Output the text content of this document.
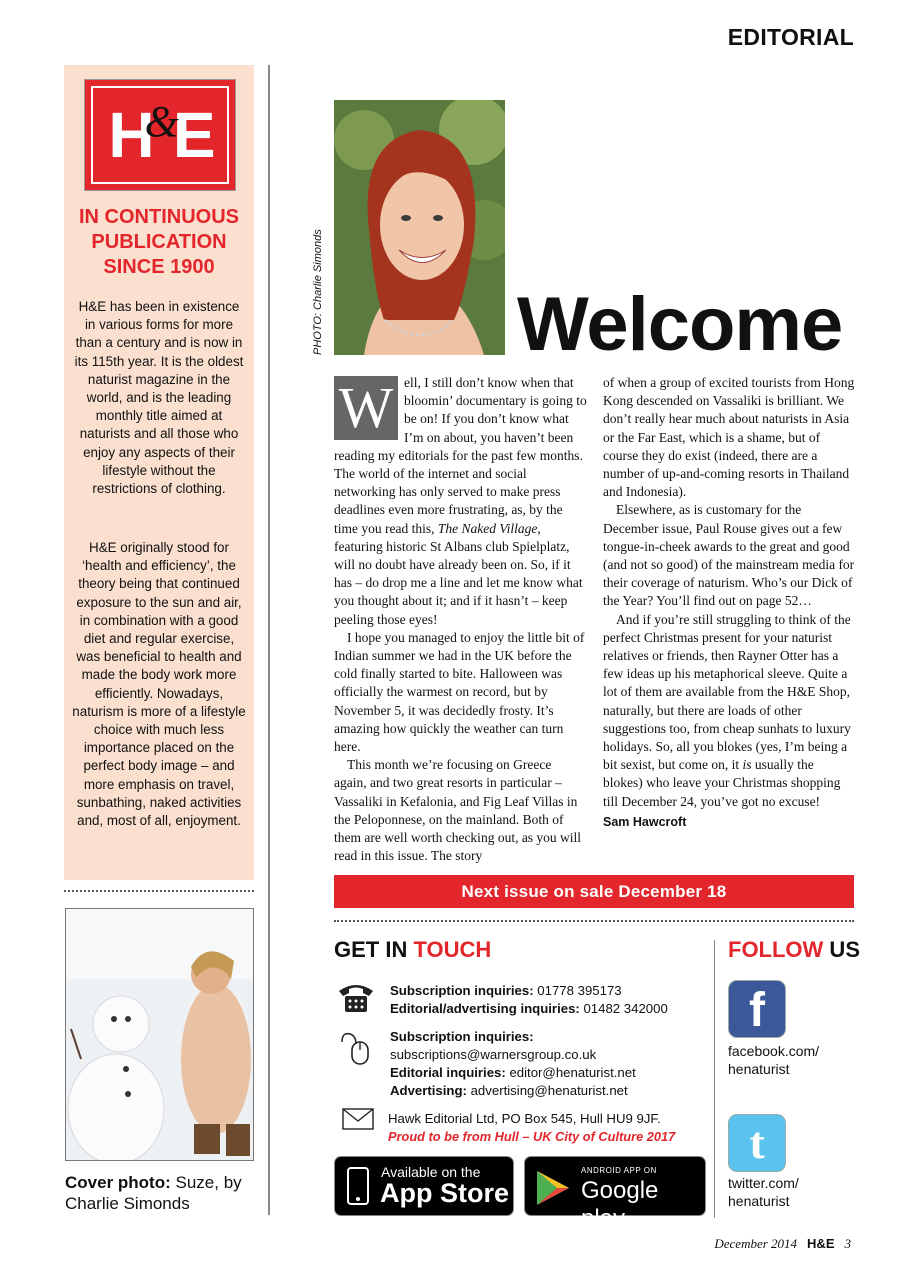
EDITORIAL
H
&
E
IN CONTINUOUS
PUBLICATION
SINCE 1900
H&E has been in existence in various forms for more than a century and is now in its 115th year. It is the oldest naturist magazine in the world, and is the leading monthly title aimed at naturists and all those who enjoy any aspects of their lifestyle without the restrictions of clothing.
H&E originally stood for ‘health and efficiency’, the theory being that continued exposure to the sun and air, in combination with a good diet and regular exercise, was beneficial to health and made the body work more efficiently. Nowadays, naturism is more of a lifestyle choice with much less importance placed on the perfect body image – and more emphasis on travel, sunbathing, naked activities and, most of all, enjoyment.
Cover photo: Suze, by Charlie Simonds
PHOTO: Charlie Simonds	Welcome

W ell, I still don’t know when that bloomin’ documentary is going to be on! If you don’t know what I’m on about, you haven’t been reading my editorials for the past few months. The world of the internet and social networking has only served to make press deadlines even more frustrating, as, by the time you read this, The Naked Village, featuring historic St Albans club Spielplatz, will no doubt have already been on. So, if it has – do drop me a line and let me know what you thought about it; and if it hasn’t – keep peeling those eyes!

I hope you managed to enjoy the little bit of Indian summer we had in the UK before the cold finally started to bite. Halloween was officially the warmest on record, but by November 5, it was decidedly frosty. It’s amazing how quickly the weather can turn here.

This month we’re focusing on Greece again, and two great resorts in particular – Vassaliki in Kefalonia, and Fig Leaf Villas in the Peloponnese, on the mainland. Both of them are well worth checking out, as you will read in this issue. The story

of when a group of excited tourists from Hong Kong descended on Vassaliki is brilliant. We don’t really hear much about naturists in Asia or the Far East, which is a shame, but of course they do exist (indeed, there are a number of up-and-coming resorts in Thailand and Indonesia).

Elsewhere, as is customary for the December issue, Paul Rouse gives out a few tongue-in-cheek awards to the great and good (and not so good) of the mainstream media for their coverage of naturism. Who’s our Dick of the Year? You’ll find out on page 52…

And if you’re still struggling to think of the perfect Christmas present for your naturist relatives or friends, then Rayner Otter has a few ideas up his metaphorical sleeve. Quite a lot of them are available from the H&E Shop, naturally, but there are loads of other suggestions too, from cheap sunhats to luxury holidays. So, all you blokes (yes, I’m being a bit sexist, but come on, it is usually the blokes) who leave your Christmas shopping till December 24, you’ve got no excuse!

Sam Hawcroft
Next issue on sale December 18
GET IN TOUCH
Subscription inquiries: 01778 395173
Editorial/advertising inquiries: 01482 342000
Subscription inquiries:
subscriptions@warnersgroup.co.uk
Editorial inquiries: editor@henaturist.net
Advertising: advertising@henaturist.net
Hawk Editorial Ltd, PO Box 545, Hull HU9 9JF.
Proud to be from Hull – UK City of Culture 2017
Available on the
App Store
ANDROID APP ON
Google play
FOLLOW US
f
facebook.com/ henaturist
t
twitter.com/ henaturist
December 2014 H&E 3
